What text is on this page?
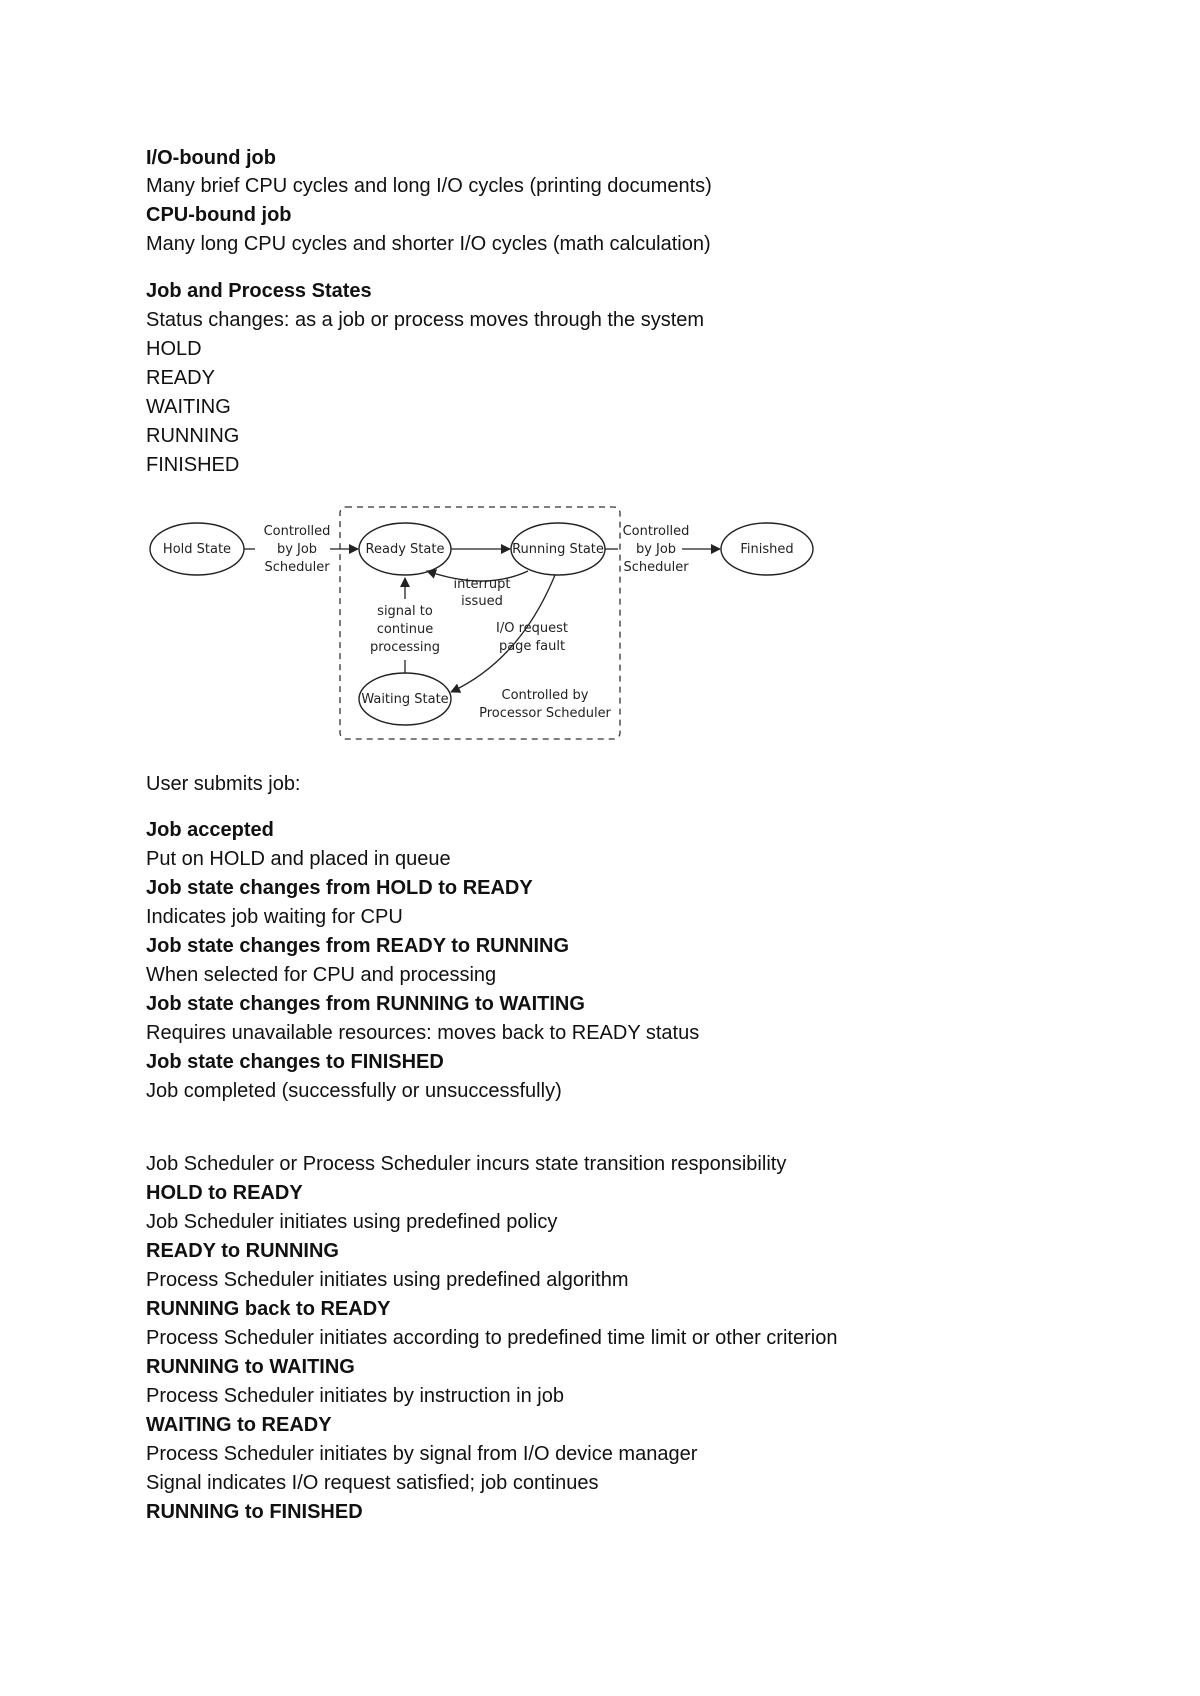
I/O-bound job
Many brief CPU cycles and long I/O cycles (printing documents)
CPU-bound job
Many long CPU cycles and shorter I/O cycles (math calculation)
Job and Process States
Status changes: as a job or process moves through the system
HOLD
READY
WAITING
RUNNING
FINISHED
User submits job:
Job accepted
Put on HOLD and placed in queue
Job state changes from HOLD to READY
Indicates job waiting for CPU
Job state changes from READY to RUNNING
When selected for CPU and processing
Job state changes from RUNNING to WAITING
Requires unavailable resources: moves back to READY status
Job state changes to FINISHED
Job completed (successfully or unsuccessfully)
Job Scheduler or Process Scheduler incurs state transition responsibility
HOLD to READY
Job Scheduler initiates using predefined policy
READY to RUNNING
Process Scheduler initiates using predefined algorithm
RUNNING back to READY
Process Scheduler initiates according to predefined time limit or other criterion
RUNNING to WAITING
Process Scheduler initiates by instruction in job
WAITING to READY
Process Scheduler initiates by signal from I/O device manager
Signal indicates I/O request satisfied; job continues
RUNNING to FINISHED
Hold State	Ready State	Running State	Finished
Waiting State
Controlled
by Job
Scheduler
Controlled
by Job
Scheduler
interrupt
issued
signal to
continue
processing
I/O request
page fault
Controlled by
Processor Scheduler
